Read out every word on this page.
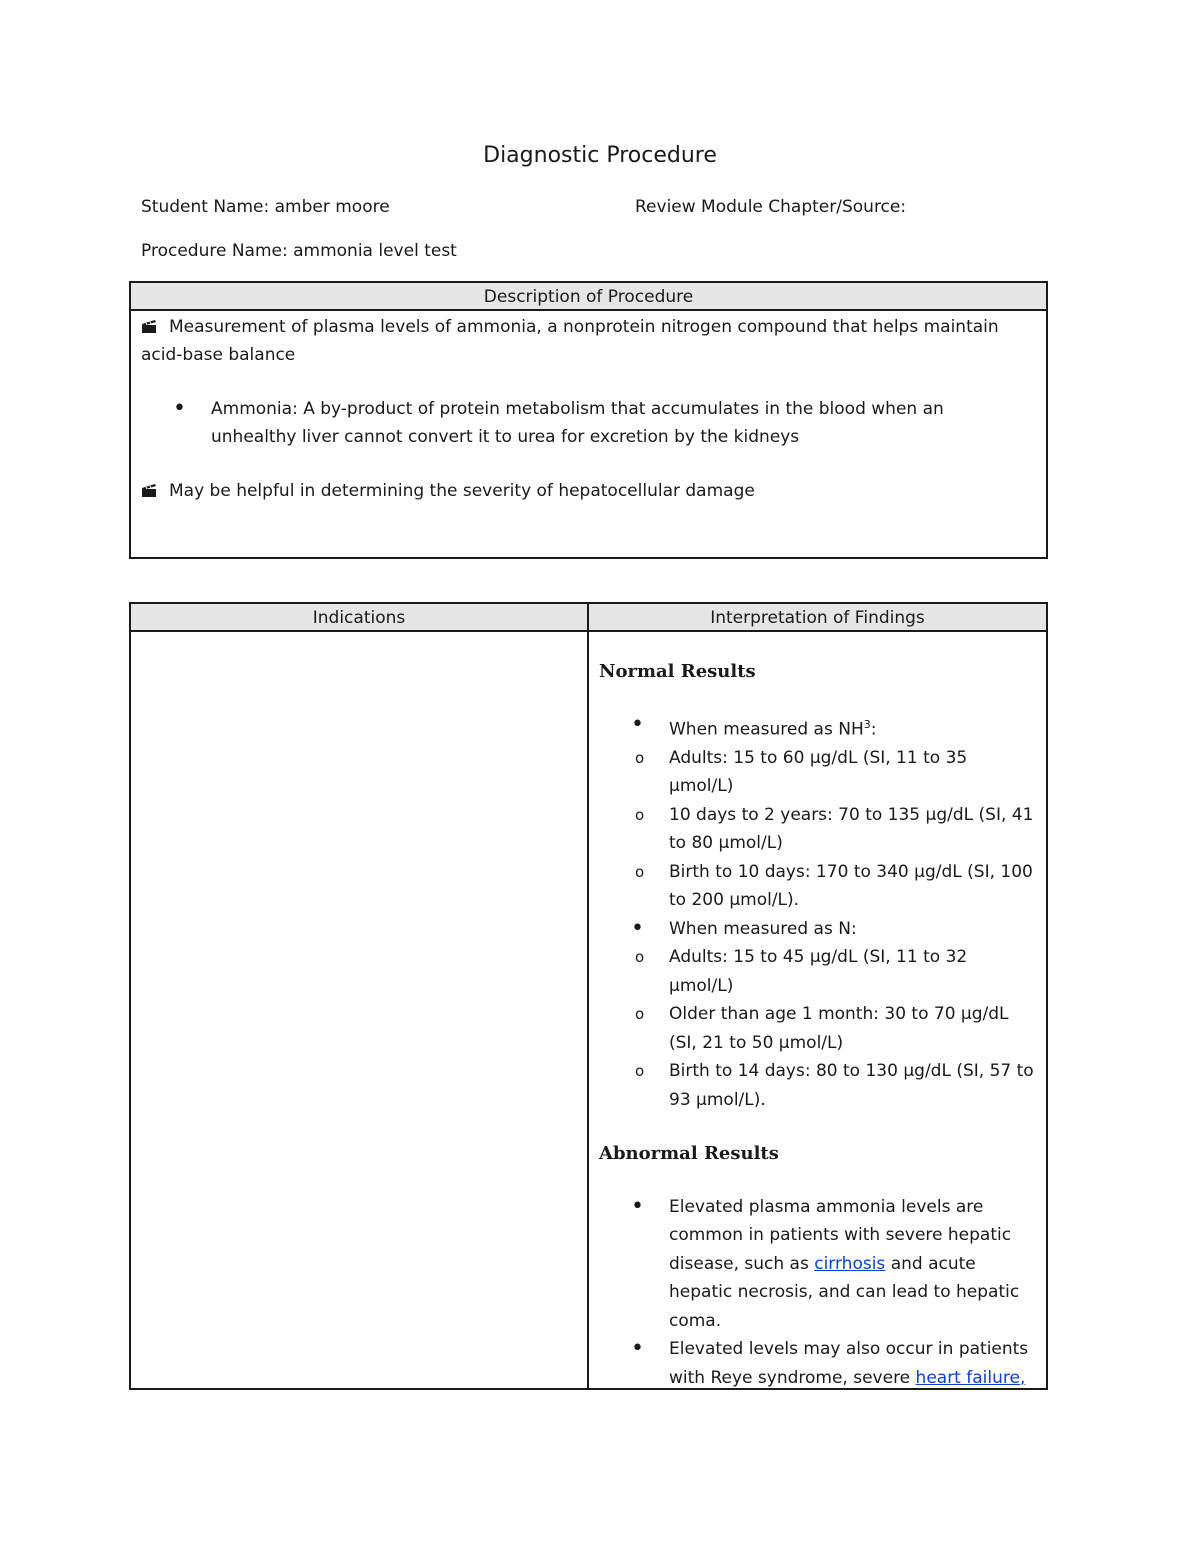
Diagnostic Procedure
Student Name: amber moore	Review Module Chapter/Source:
Procedure Name: ammonia level test
Description of Procedure

Measurement of plasma levels of ammonia, a nonprotein nitrogen compound that helps maintain acid-base balance

• Ammonia: A by-product of protein metabolism that accumulates in the blood when an unhealthy liver cannot convert it to urea for excretion by the kidneys

May be helpful in determining the severity of hepatocellular damage

Indications	Interpretation of Findings

Normal Results

• When measured as $NH^3$:
o Adults: 15 to 60 µg/dL (SI, 11 to 35 µmol/L)
o 10 days to 2 years: 70 to 135 µg/dL (SI, 41 to 80 µmol/L)
o Birth to 10 days: 170 to 340 µg/dL (SI, 100 to 200 µmol/L).
• When measured as N:
o Adults: 15 to 45 µg/dL (SI, 11 to 32 µmol/L)
o Older than age 1 month: 30 to 70 µg/dL (SI, 21 to 50 µmol/L)
o Birth to 14 days: 80 to 130 µg/dL (SI, 57 to 93 µmol/L).

Abnormal Results

• Elevated plasma ammonia levels are common in patients with severe hepatic disease, such as cirrhosis and acute hepatic necrosis, and can lead to hepatic coma.
• Elevated levels may also occur in patients with Reye syndrome, severe heart failure,
